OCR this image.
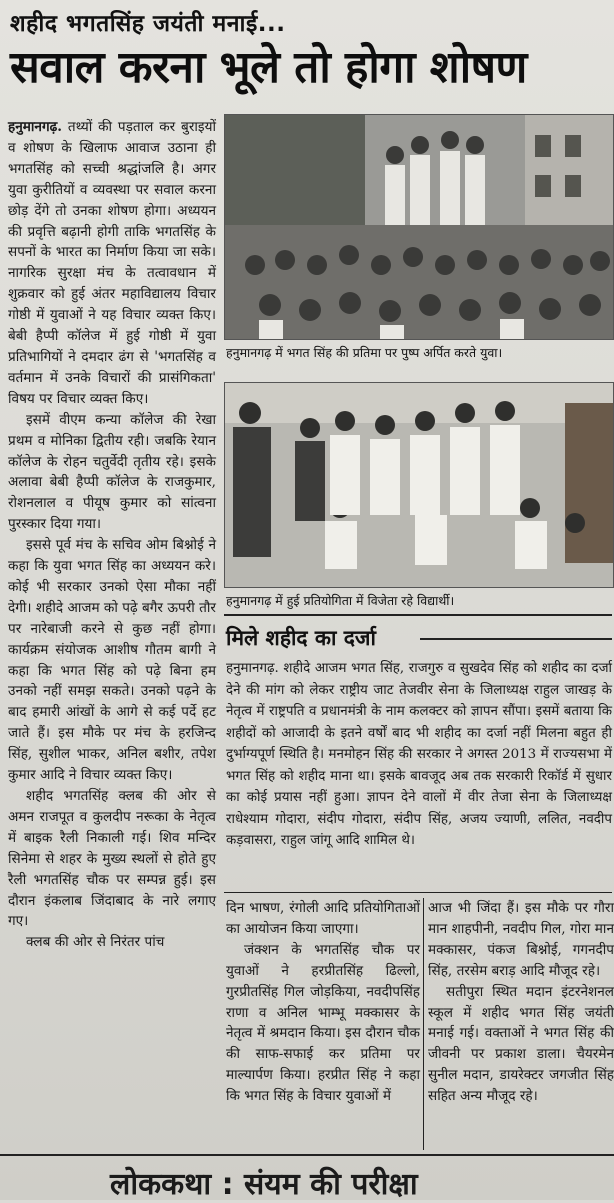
शहीद भगतसिंह जयंती मनाई...
सवाल करना भूले तो होगा शोषण

हनुमानगढ़. तथ्यों की पड़ताल कर बुराइयों व शोषण के खिलाफ आवाज उठाना ही भगतसिंह को सच्ची श्रद्धांजलि है। अगर युवा कुरीतियों व व्यवस्था पर सवाल करना छोड़ देंगे तो उनका शोषण होगा। अध्ययन की प्रवृत्ति बढ़ानी होगी ताकि भगतसिंह के सपनों के भारत का निर्माण किया जा सके। नागरिक सुरक्षा मंच के तत्वावधान में शुक्रवार को हुई अंतर महाविद्यालय विचार गोष्ठी में युवाओं ने यह विचार व्यक्त किए। बेबी हैप्पी कॉलेज में हुई गोष्ठी में युवा प्रतिभागियों ने दमदार ढंग से 'भगतसिंह व वर्तमान में उनके विचारों की प्रासंगिकता' विषय पर विचार व्यक्त किए।

इसमें वीएम कन्या कॉलेज की रेखा प्रथम व मोनिका द्वितीय रही। जबकि रेयान कॉलेज के रोहन चतुर्वेदी तृतीय रहे। इसके अलावा बेबी हैप्पी कॉलेज के राजकुमार, रोशनलाल व पीयूष कुमार को सांत्वना पुरस्कार दिया गया।

इससे पूर्व मंच के सचिव ओम बिश्नोई ने कहा कि युवा भगत सिंह का अध्ययन करे। कोई भी सरकार उनको ऐसा मौका नहीं देगी। शहीदे आजम को पढ़े बगैर ऊपरी तौर पर नारेबाजी करने से कुछ नहीं होगा। कार्यक्रम संयोजक आशीष गौतम बागी ने कहा कि भगत सिंह को पढ़े बिना हम उनको नहीं समझ सकते। उनको पढ़ने के बाद हमारी आंखों के आगे से कई पर्दे हट जाते हैं। इस मौके पर मंच के हरजिन्द सिंह, सुशील भाकर, अनिल बशीर, तपेश कुमार आदि ने विचार व्यक्त किए।

शहीद भगतसिंह क्लब की ओर से अमन राजपूत व कुलदीप नरूका के नेतृत्व में बाइक रैली निकाली गई। शिव मन्दिर सिनेमा से शहर के मुख्य स्थलों से होते हुए रैली भगतसिंह चौक पर सम्पन्न हुई। इस दौरान इंकलाब जिंदाबाद के नारे लगाए गए।

क्लब की ओर से निरंतर पांच

हनुमानगढ़ में भगत सिंह की प्रतिमा पर पुष्प अर्पित करते युवा।
हनुमानगढ़ में हुई प्रतियोगिता में विजेता रहे विद्यार्थी।
मिले शहीद का दर्जा

हनुमानगढ़. शहीदे आजम भगत सिंह, राजगुरु व सुखदेव सिंह को शहीद का दर्जा देने की मांग को लेकर राष्ट्रीय जाट तेजवीर सेना के जिलाध्यक्ष राहुल जाखड़ के नेतृत्व में राष्ट्रपति व प्रधानमंत्री के नाम कलक्टर को ज्ञापन सौंपा। इसमें बताया कि शहीदों को आजादी के इतने वर्षों बाद भी शहीद का दर्जा नहीं मिलना बहुत ही दुर्भाग्यपूर्ण स्थिति है। मनमोहन सिंह की सरकार ने अगस्त 2013 में राज्यसभा में भगत सिंह को शहीद माना था। इसके बावजूद अब तक सरकारी रिकॉर्ड में सुधार का कोई प्रयास नहीं हुआ। ज्ञापन देने वालों में वीर तेजा सेना के जिलाध्यक्ष राधेश्याम गोदारा, संदीप गोदारा, संदीप सिंह, अजय ज्याणी, ललित, नवदीप कड़वासरा, राहुल जांगू आदि शामिल थे।

दिन भाषण, रंगोली आदि प्रतियोगिताओं का आयोजन किया जाएगा।

जंक्शन के भगतसिंह चौक पर युवाओं ने हरप्रीतसिंह ढिल्लो, गुरप्रीतसिंह गिल जोड़किया, नवदीपसिंह राणा व अनिल भाम्भू मक्कासर के नेतृत्व में श्रमदान किया। इस दौरान चौक की साफ-सफाई कर प्रतिमा पर माल्यार्पण किया। हरप्रीत सिंह ने कहा कि भगत सिंह के विचार युवाओं में

आज भी जिंदा हैं। इस मौके पर गौरा मान शाहपीनी, नवदीप गिल, गोरा मान मक्कासर, पंकज बिश्नोई, गगनदीप सिंह, तरसेम बराड़ आदि मौजूद रहे।

सतीपुरा स्थित मदान इंटरनेशनल स्कूल में शहीद भगत सिंह जयंती मनाई गई। वक्ताओं ने भगत सिंह की जीवनी पर प्रकाश डाला। चैयरमेन सुनील मदान, डायरेक्टर जगजीत सिंह सहित अन्य मौजूद रहे।

लोककथा : संयम की परीक्षा
